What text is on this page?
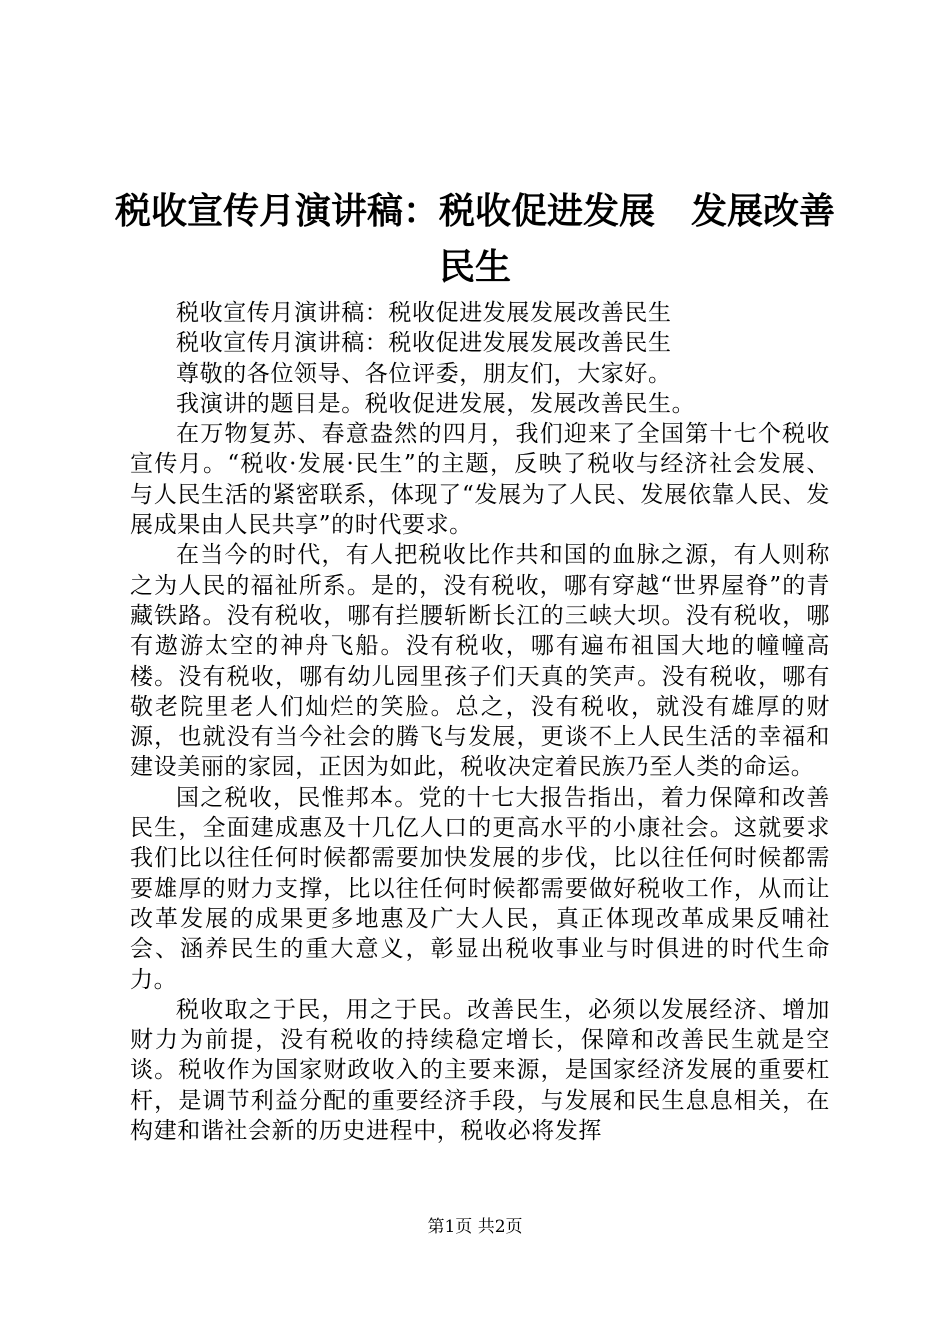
税收宣传月演讲稿：税收促进发展　发展改善民生

税收宣传月演讲稿：税收促进发展发展改善民生

税收宣传月演讲稿：税收促进发展发展改善民生

尊敬的各位领导、各位评委，朋友们，大家好。

我演讲的题目是。税收促进发展，发展改善民生。

在万物复苏、春意盎然的四月，我们迎来了全国第十七个税收宣传月。“税收·发展·民生”的主题，反映了税收与经济社会发展、与人民生活的紧密联系，体现了“发展为了人民、发展依靠人民、发展成果由人民共享”的时代要求。

在当今的时代，有人把税收比作共和国的血脉之源，有人则称之为人民的福祉所系。是的，没有税收，哪有穿越“世界屋脊”的青藏铁路。没有税收，哪有拦腰斩断长江的三峡大坝。没有税收，哪有遨游太空的神舟飞船。没有税收，哪有遍布祖国大地的幢幢高楼。没有税收，哪有幼儿园里孩子们天真的笑声。没有税收，哪有敬老院里老人们灿烂的笑脸。总之，没有税收，就没有雄厚的财源，也就没有当今社会的腾飞与发展，更谈不上人民生活的幸福和建设美丽的家园，正因为如此，税收决定着民族乃至人类的命运。

国之税收，民惟邦本。党的十七大报告指出，着力保障和改善民生，全面建成惠及十几亿人口的更高水平的小康社会。这就要求我们比以往任何时候都需要加快发展的步伐，比以往任何时候都需要雄厚的财力支撑，比以往任何时候都需要做好税收工作，从而让改革发展的成果更多地惠及广大人民，真正体现改革成果反哺社会、涵养民生的重大意义，彰显出税收事业与时俱进的时代生命力。

税收取之于民，用之于民。改善民生，必须以发展经济、增加财力为前提，没有税收的持续稳定增长，保障和改善民生就是空谈。税收作为国家财政收入的主要来源，是国家经济发展的重要杠杆，是调节利益分配的重要经济手段，与发展和民生息息相关，在构建和谐社会新的历史进程中，税收必将发挥

第1页 共2页
